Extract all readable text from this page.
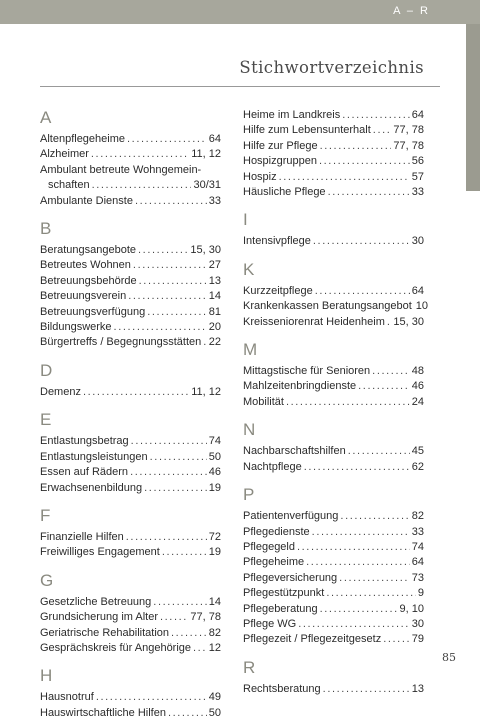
A – R
Stichwortverzeichnis
A
Altenpflegeheime .....	64
Alzheimer .....	11, 12
Ambulant betreute Wohngemein-
schaften .....	30/31
Ambulante Dienste .....	33
B
Beratungsangebote .....	15, 30
Betreutes Wohnen .....	27
Betreuungsbehörde .....	13
Betreuungsverein .....	14
Betreuungsverfügung .....	81
Bildungswerke .....	20
Bürgertreffs / Begegnungsstätten ..... 22
D
Demenz .....	11, 12
E
Entlastungsbetrag .....	74
Entlastungsleistungen .....	50
Essen auf Rädern .....	46
Erwachsenenbildung .....	19
F
Finanzielle Hilfen .....	72
Freiwilliges Engagement .....	19
G
Gesetzliche Betreuung .....	14
Grundsicherung im Alter .....	77, 78
Geriatrische Rehabilitation .....	82
Gesprächskreis für Angehörige ..... 12
H
Hausnotruf .....	49
Hauswirtschaftliche Hilfen .....	50
Heime im Landkreis .....	64
Hilfe zum Lebensunterhalt ..... 77, 78
Hilfe zur Pflege .....	77, 78
Hospizgruppen .....	56
Hospiz .....	57
Häusliche Pflege .....	33
I
Intensivpflege .....	30
K
Kurzzeitpflege .....	64
Krankenkassen Beratungsangebot 10
Kreisseniorenrat Heidenheim ..... 15, 30
M
Mittagstische für Senioren .....	48
Mahlzeitenbringdienste .....	46
Mobilität .....	24
N
Nachbarschaftshilfen .....	45
Nachtpflege .....	62
P
Patientenverfügung .....	82
Pflegedienste .....	33
Pflegegeld .....	74
Pflegeheime .....	64
Pflegeversicherung .....	73
Pflegestützpunkt .....	9
Pflegeberatung .....	9, 10
Pflege WG .....	30
Pflegezeit / Pflegezeitgesetz .....	79
R
Rechtsberatung .....	13
85
